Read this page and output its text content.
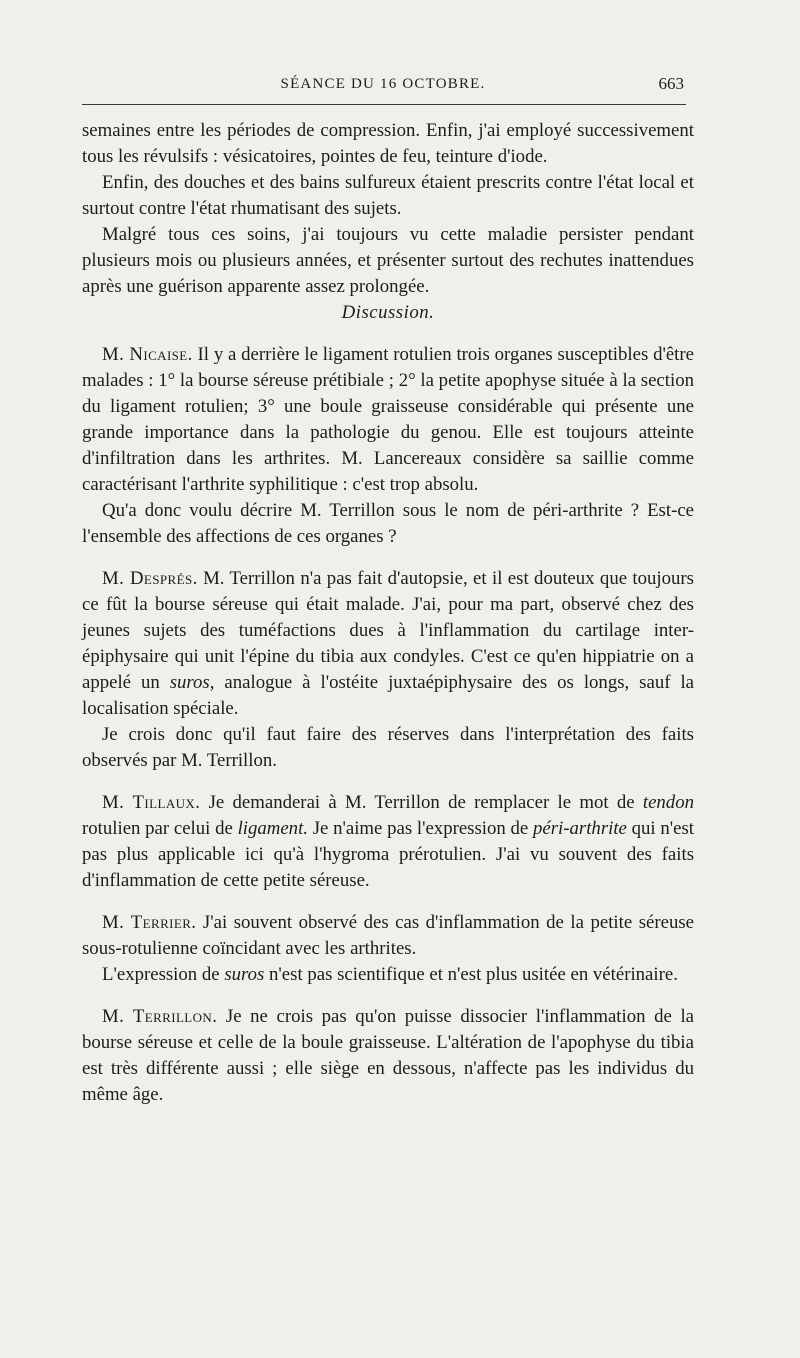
SÉANCE DU 16 OCTOBRE.	663

semaines entre les périodes de compression. Enfin, j'ai employé successivement tous les révulsifs : vésicatoires, pointes de feu, teinture d'iode.

Enfin, des douches et des bains sulfureux étaient prescrits contre l'état local et surtout contre l'état rhumatisant des sujets.

Malgré tous ces soins, j'ai toujours vu cette maladie persister pendant plusieurs mois ou plusieurs années, et présenter surtout des rechutes inattendues après une guérison apparente assez prolongée.

Discussion.

M. Nicaise. Il y a derrière le ligament rotulien trois organes susceptibles d'être malades : 1° la bourse séreuse prétibiale ; 2° la petite apophyse située à la section du ligament rotulien; 3° une boule graisseuse considérable qui présente une grande importance dans la pathologie du genou. Elle est toujours atteinte d'infiltration dans les arthrites. M. Lancereaux considère sa saillie comme caractérisant l'arthrite syphilitique : c'est trop absolu.

Qu'a donc voulu décrire M. Terrillon sous le nom de péri-arthrite ? Est-ce l'ensemble des affections de ces organes ?

M. Després. M. Terrillon n'a pas fait d'autopsie, et il est douteux que toujours ce fût la bourse séreuse qui était malade. J'ai, pour ma part, observé chez des jeunes sujets des tuméfactions dues à l'inflammation du cartilage inter-épiphysaire qui unit l'épine du tibia aux condyles. C'est ce qu'en hippiatrie on a appelé un suros, analogue à l'ostéite juxtaépiphysaire des os longs, sauf la localisation spéciale.

Je crois donc qu'il faut faire des réserves dans l'interprétation des faits observés par M. Terrillon.

M. Tillaux. Je demanderai à M. Terrillon de remplacer le mot de tendon rotulien par celui de ligament. Je n'aime pas l'expression de péri-arthrite qui n'est pas plus applicable ici qu'à l'hygroma prérotulien. J'ai vu souvent des faits d'inflammation de cette petite séreuse.

M. Terrier. J'ai souvent observé des cas d'inflammation de la petite séreuse sous-rotulienne coïncidant avec les arthrites.

L'expression de suros n'est pas scientifique et n'est plus usitée en vétérinaire.

M. Terrillon. Je ne crois pas qu'on puisse dissocier l'inflammation de la bourse séreuse et celle de la boule graisseuse. L'altération de l'apophyse du tibia est très différente aussi ; elle siège en dessous, n'affecte pas les individus du même âge.
